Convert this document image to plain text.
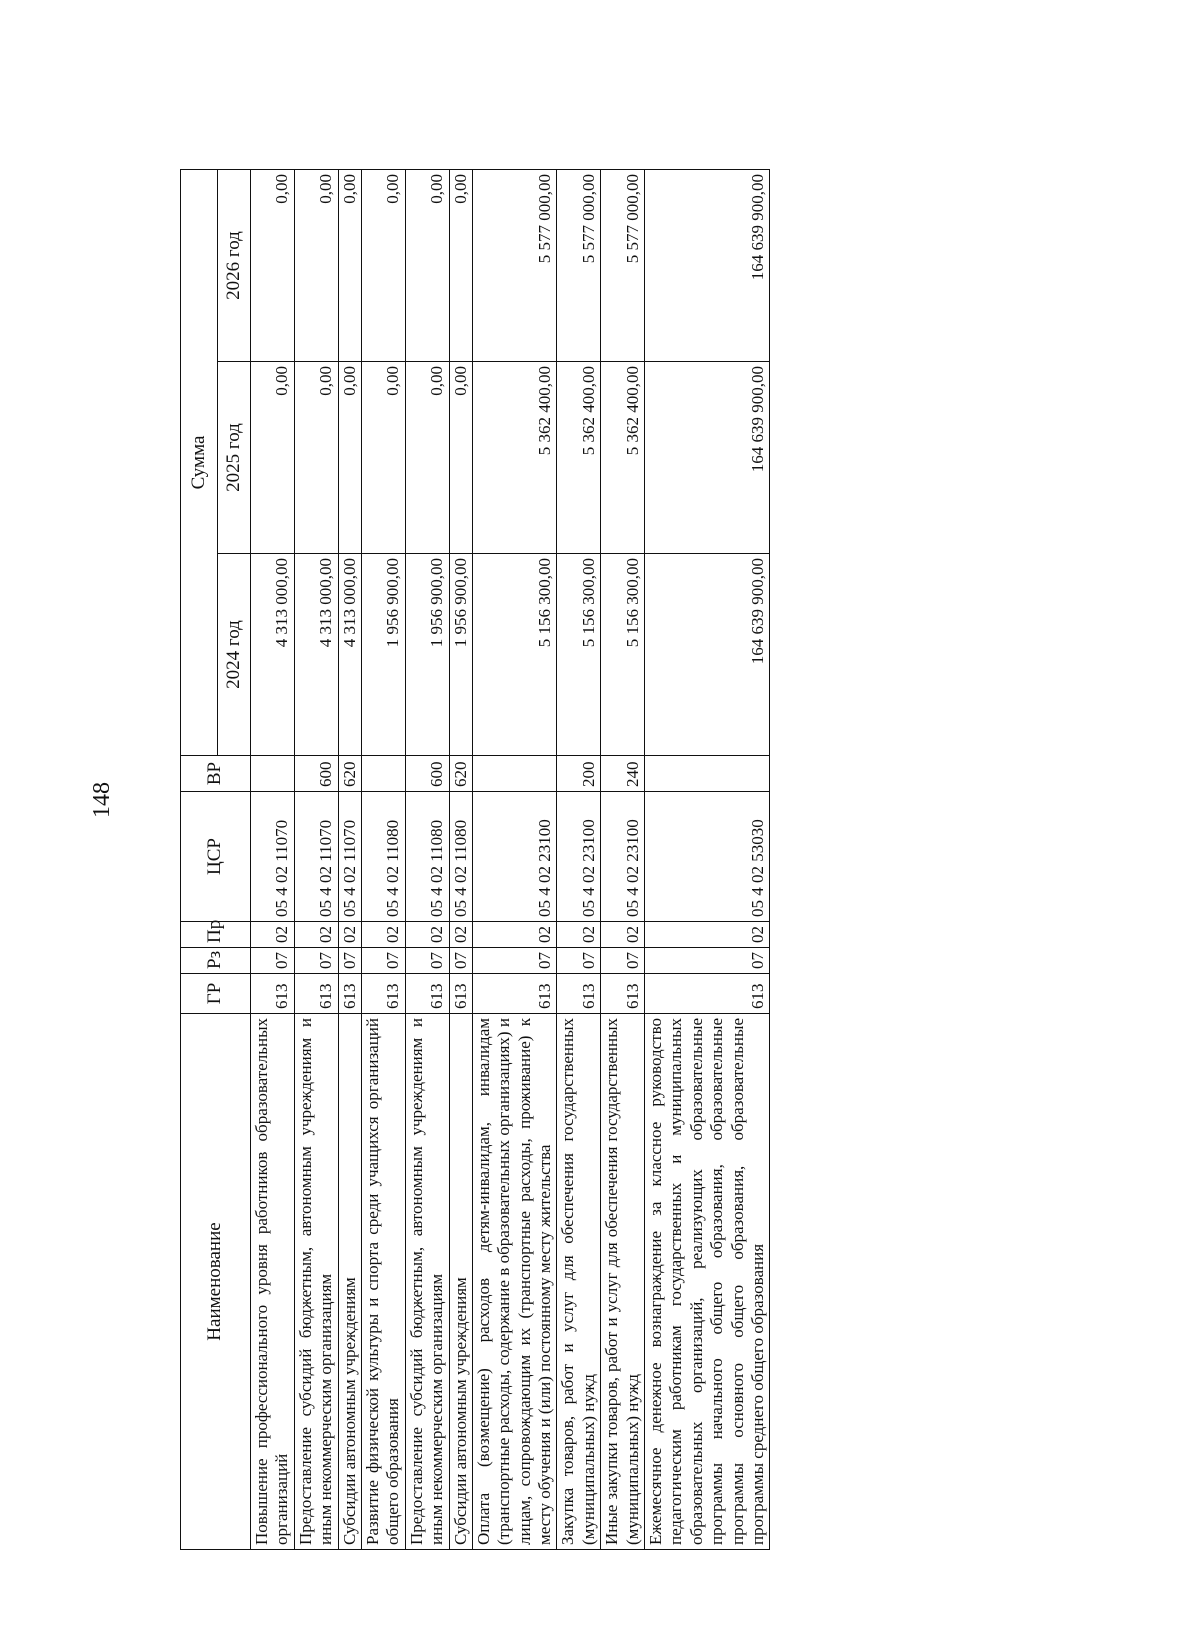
148
Наименование	ГР	Рз	Пр	ЦСР	ВР	Сумма		
						2024 год	2025 год	2026 год
Повышение профессионального уровня работников образовательных организаций	613	07	02	05 4 02 11070		4 313 000,00	0,00	0,00
Предоставление субсидий бюджетным, автономным учреждениям и иным некоммерческим организациям	613	07	02	05 4 02 11070	600	4 313 000,00	0,00	0,00
Субсидии автономным учреждениям	613	07	02	05 4 02 11070	620	4 313 000,00	0,00	0,00
Развитие физической культуры и спорта среди учащихся организаций общего образования	613	07	02	05 4 02 11080		1 956 900,00	0,00	0,00
Предоставление субсидий бюджетным, автономным учреждениям и иным некоммерческим организациям	613	07	02	05 4 02 11080	600	1 956 900,00	0,00	0,00
Субсидии автономным учреждениям	613	07	02	05 4 02 11080	620	1 956 900,00	0,00	0,00
Оплата (возмещение) расходов детям-инвалидам, инвалидам (транспортные расходы, содержание в образовательных организациях) и лицам, сопровождающим их (транспортные расходы, проживание) к месту обучения и (или) постоянному месту жительства	613	07	02	05 4 02 23100		5 156 300,00	5 362 400,00	5 577 000,00
Закупка товаров, работ и услуг для обеспечения государственных (муниципальных) нужд	613	07	02	05 4 02 23100	200	5 156 300,00	5 362 400,00	5 577 000,00
Иные закупки товаров, работ и услуг для обеспечения государственных (муниципальных) нужд	613	07	02	05 4 02 23100	240	5 156 300,00	5 362 400,00	5 577 000,00
Ежемесячное денежное вознаграждение за классное руководство педагогическим работникам государственных и муниципальных образовательных организаций, реализующих образовательные программы начального общего образования, образовательные программы основного общего образования, образовательные программы среднего общего образования	613	07	02	05 4 02 53030		164 639 900,00	164 639 900,00	164 639 900,00
